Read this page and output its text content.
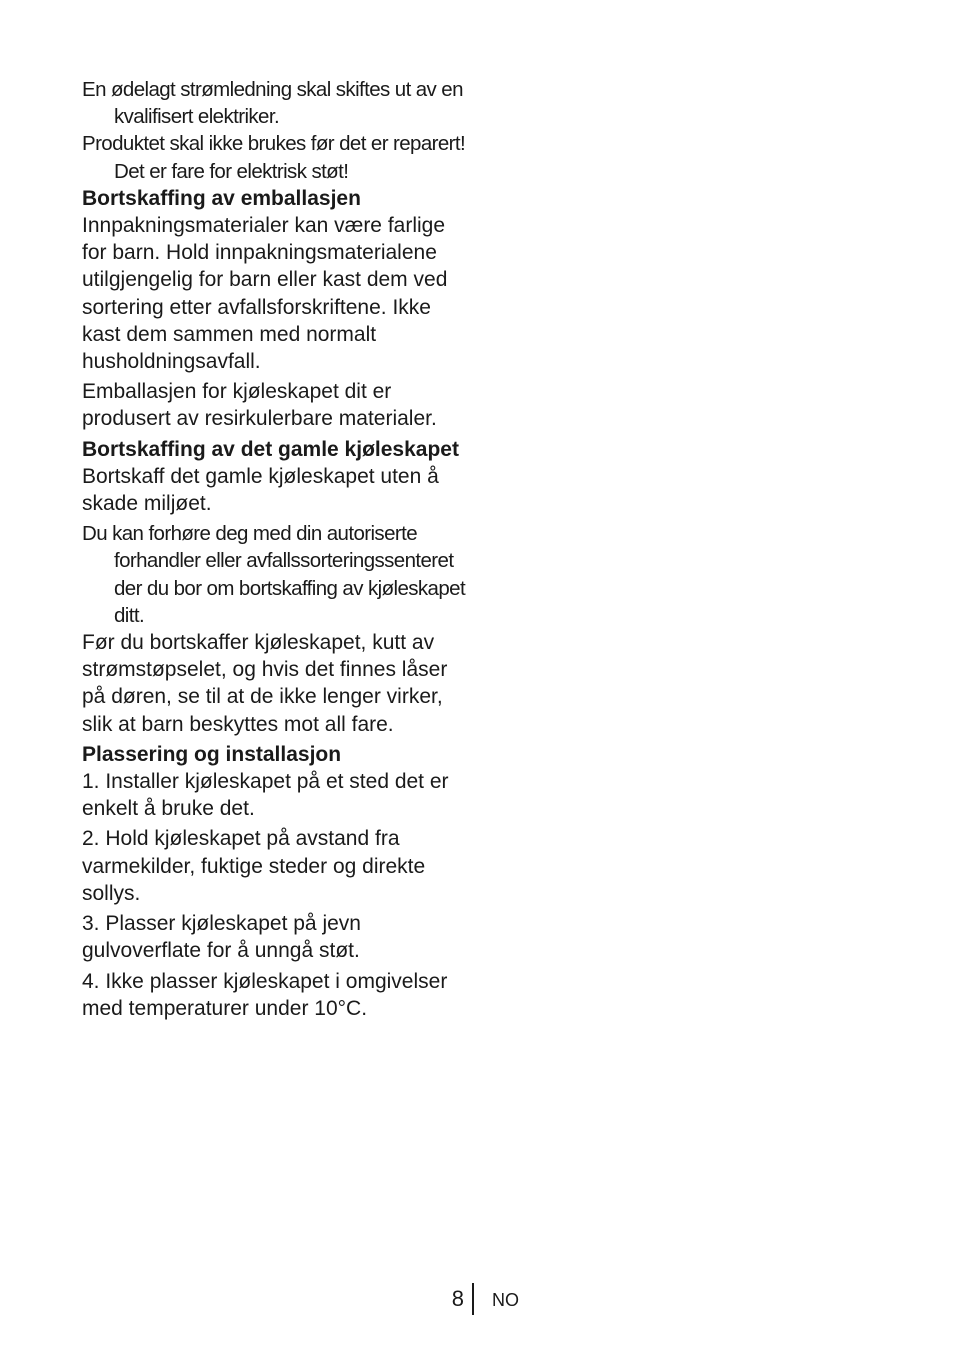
En ødelagt strømledning skal skiftes ut av en kvalifisert elektriker.

Produktet skal ikke brukes før det er reparert! Det er fare for elektrisk støt!

Bortskaffing av emballasjen

Innpakningsmaterialer kan være farlige for barn. Hold innpakningsmaterialene utilgjengelig for barn eller kast dem ved sortering etter avfallsforskriftene. Ikke kast dem sammen med normalt husholdningsavfall.

Emballasjen for kjøleskapet dit er produsert av resirkulerbare materialer.

Bortskaffing av det gamle kjøleskapet

Bortskaff det gamle kjøleskapet uten å skade miljøet.

Du kan forhøre deg med din autoriserte forhandler eller avfallssorteringssenteret der du bor om bortskaffing av kjøleskapet ditt.

Før du bortskaffer kjøleskapet, kutt av strømstøpselet, og hvis det finnes låser på døren, se til at de ikke lenger virker, slik at barn beskyttes mot all fare.

Plassering og installasjon

1. Installer kjøleskapet på et sted det er enkelt å bruke det.

2. Hold kjøleskapet på avstand fra varmekilder, fuktige steder og direkte sollys.

3. Plasser kjøleskapet på jevn gulvoverflate for å unngå støt.

4. Ikke plasser kjøleskapet i omgivelser med temperaturer under 10°C.

8 NO
